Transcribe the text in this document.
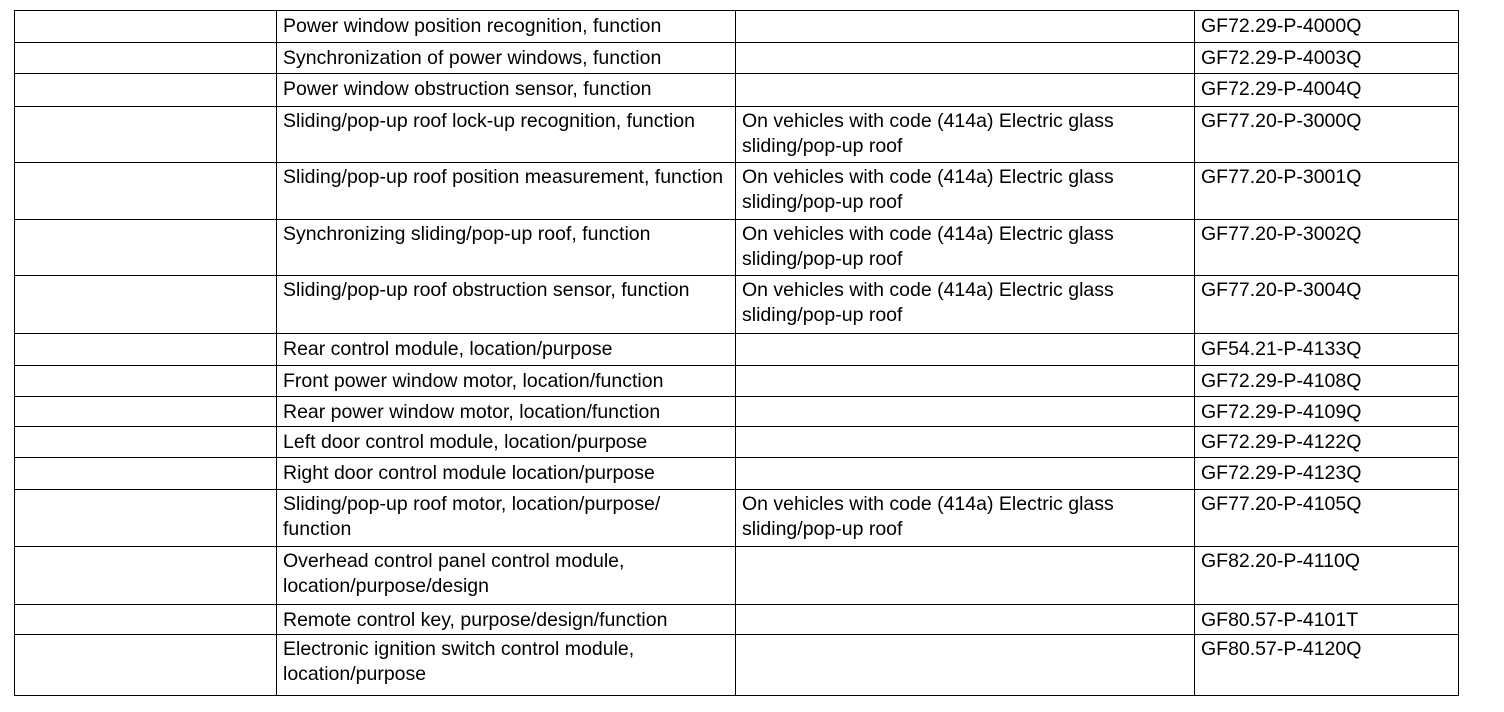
	Power window position recognition, function		GF72.29-P-4000Q
	Synchronization of power windows, function		GF72.29-P-4003Q
	Power window obstruction sensor, function		GF72.29-P-4004Q
	Sliding/pop-up roof lock-up recognition, function	On vehicles with code (414a) Electric glass sliding/pop-up roof	GF77.20-P-3000Q
	Sliding/pop-up roof position measurement, function	On vehicles with code (414a) Electric glass sliding/pop-up roof	GF77.20-P-3001Q
	Synchronizing sliding/pop-up roof, function	On vehicles with code (414a) Electric glass sliding/pop-up roof	GF77.20-P-3002Q
	Sliding/pop-up roof obstruction sensor, function	On vehicles with code (414a) Electric glass sliding/pop-up roof	GF77.20-P-3004Q
	Rear control module, location/purpose		GF54.21-P-4133Q
	Front power window motor, location/function		GF72.29-P-4108Q
	Rear power window motor, location/function		GF72.29-P-4109Q
	Left door control module, location/purpose		GF72.29-P-4122Q
	Right door control module location/purpose		GF72.29-P-4123Q
	Sliding/pop-up roof motor, location/purpose/ function	On vehicles with code (414a) Electric glass sliding/pop-up roof	GF77.20-P-4105Q
	Overhead control panel control module, location/purpose/design		GF82.20-P-4110Q
	Remote control key, purpose/design/function		GF80.57-P-4101T
	Electronic ignition switch control module, location/purpose		GF80.57-P-4120Q
